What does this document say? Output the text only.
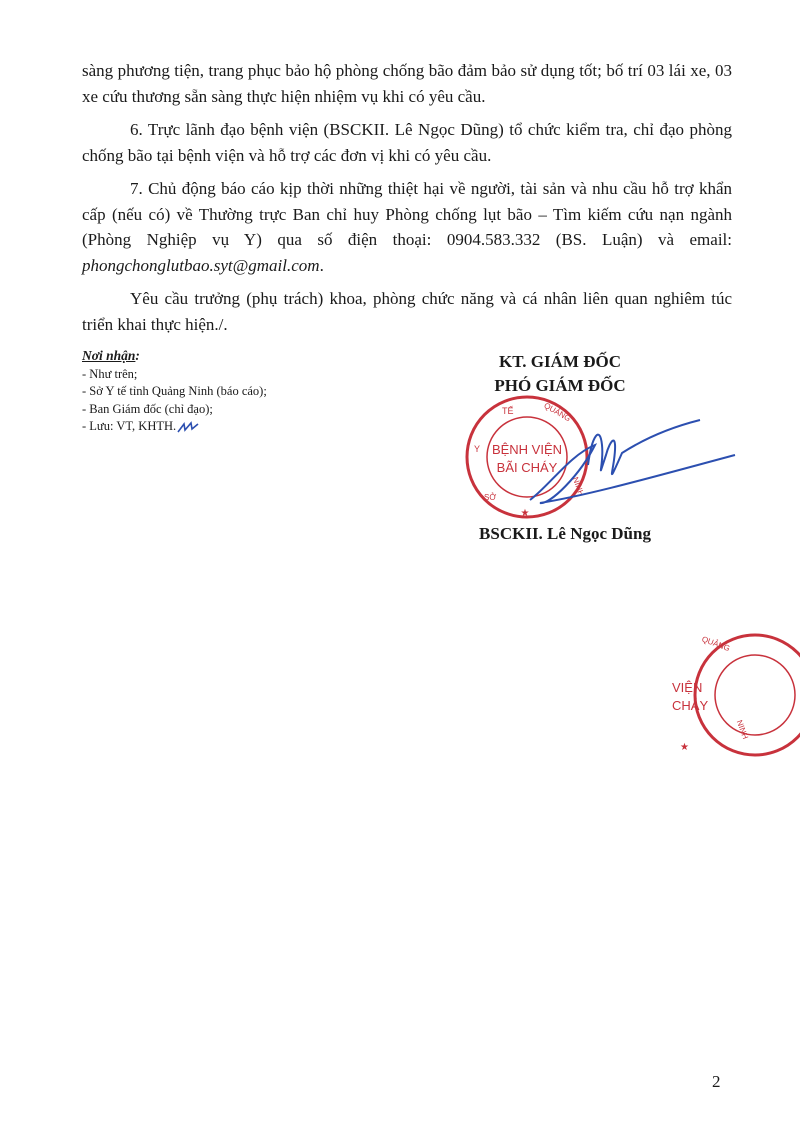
sàng phương tiện, trang phục bảo hộ phòng chống bão đảm bảo sử dụng tốt; bố trí 03 lái xe, 03 xe cứu thương sẵn sàng thực hiện nhiệm vụ khi có yêu cầu.

6. Trực lãnh đạo bệnh viện (BSCKII. Lê Ngọc Dũng) tổ chức kiểm tra, chỉ đạo phòng chống bão tại bệnh viện và hỗ trợ các đơn vị khi có yêu cầu.

7. Chủ động báo cáo kịp thời những thiệt hại về người, tài sản và nhu cầu hỗ trợ khẩn cấp (nếu có) về Thường trực Ban chỉ huy Phòng chống lụt bão – Tìm kiếm cứu nạn ngành (Phòng Nghiệp vụ Y) qua số điện thoại: 0904.583.332 (BS. Luận) và email: phongchonglutbao.syt@gmail.com.

Yêu cầu trưởng (phụ trách) khoa, phòng chức năng và cá nhân liên quan nghiêm túc triển khai thực hiện./.

Nơi nhận:
- Như trên;
- Sở Y tế tỉnh Quảng Ninh (báo cáo);
- Ban Giám đốc (chỉ đạo);
- Lưu: VT, KHTH.
KT. GIÁM ĐỐC
PHÓ GIÁM ĐỐC
BỆNH VIỆN
BÃI CHÁY
TẾ	QUẢNG
NINH
Y
SỞ
★
BSCKII. Lê Ngọc Dũng
VIỆN
CHÁY
QUẢNG
NINH
★
2
